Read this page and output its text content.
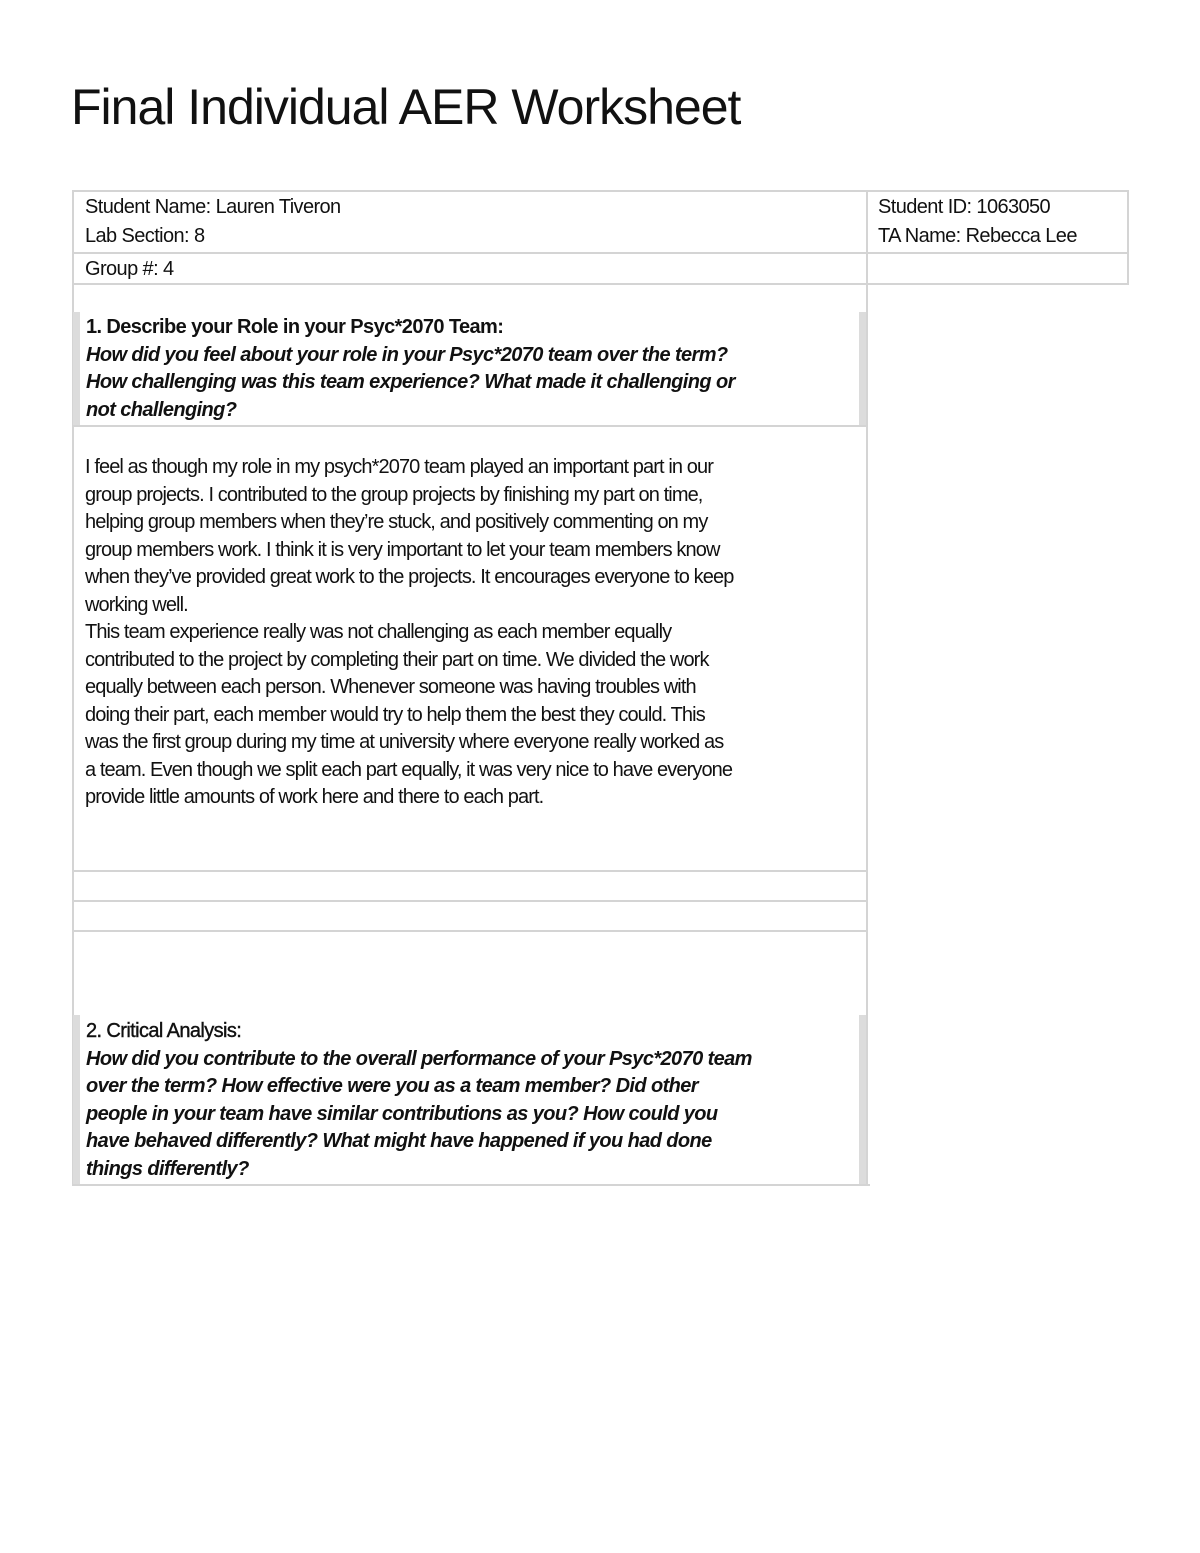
Final Individual AER Worksheet
Student Name: Lauren Tiveron
Lab Section: 8
Group #: 4
Student ID: 1063050
TA Name: Rebecca Lee
1. Describe your Role in your Psyc*2070 Team:
How did you feel about your role in your Psyc*2070 team over the term?
How challenging was this team experience? What made it challenging or
not challenging?
I feel as though my role in my psych*2070 team played an important part in our
group projects. I contributed to the group projects by finishing my part on time,
helping group members when they’re stuck, and positively commenting on my
group members work. I think it is very important to let your team members know
when they’ve provided great work to the projects. It encourages everyone to keep
working well.
This team experience really was not challenging as each member equally
contributed to the project by completing their part on time. We divided the work
equally between each person. Whenever someone was having troubles with
doing their part, each member would try to help them the best they could. This
was the first group during my time at university where everyone really worked as
a team. Even though we split each part equally, it was very nice to have everyone
provide little amounts of work here and there to each part.
2. Critical Analysis:
How did you contribute to the overall performance of your Psyc*2070 team
over the term? How effective were you as a team member? Did other
people in your team have similar contributions as you? How could you
have behaved differently? What might have happened if you had done
things differently?
